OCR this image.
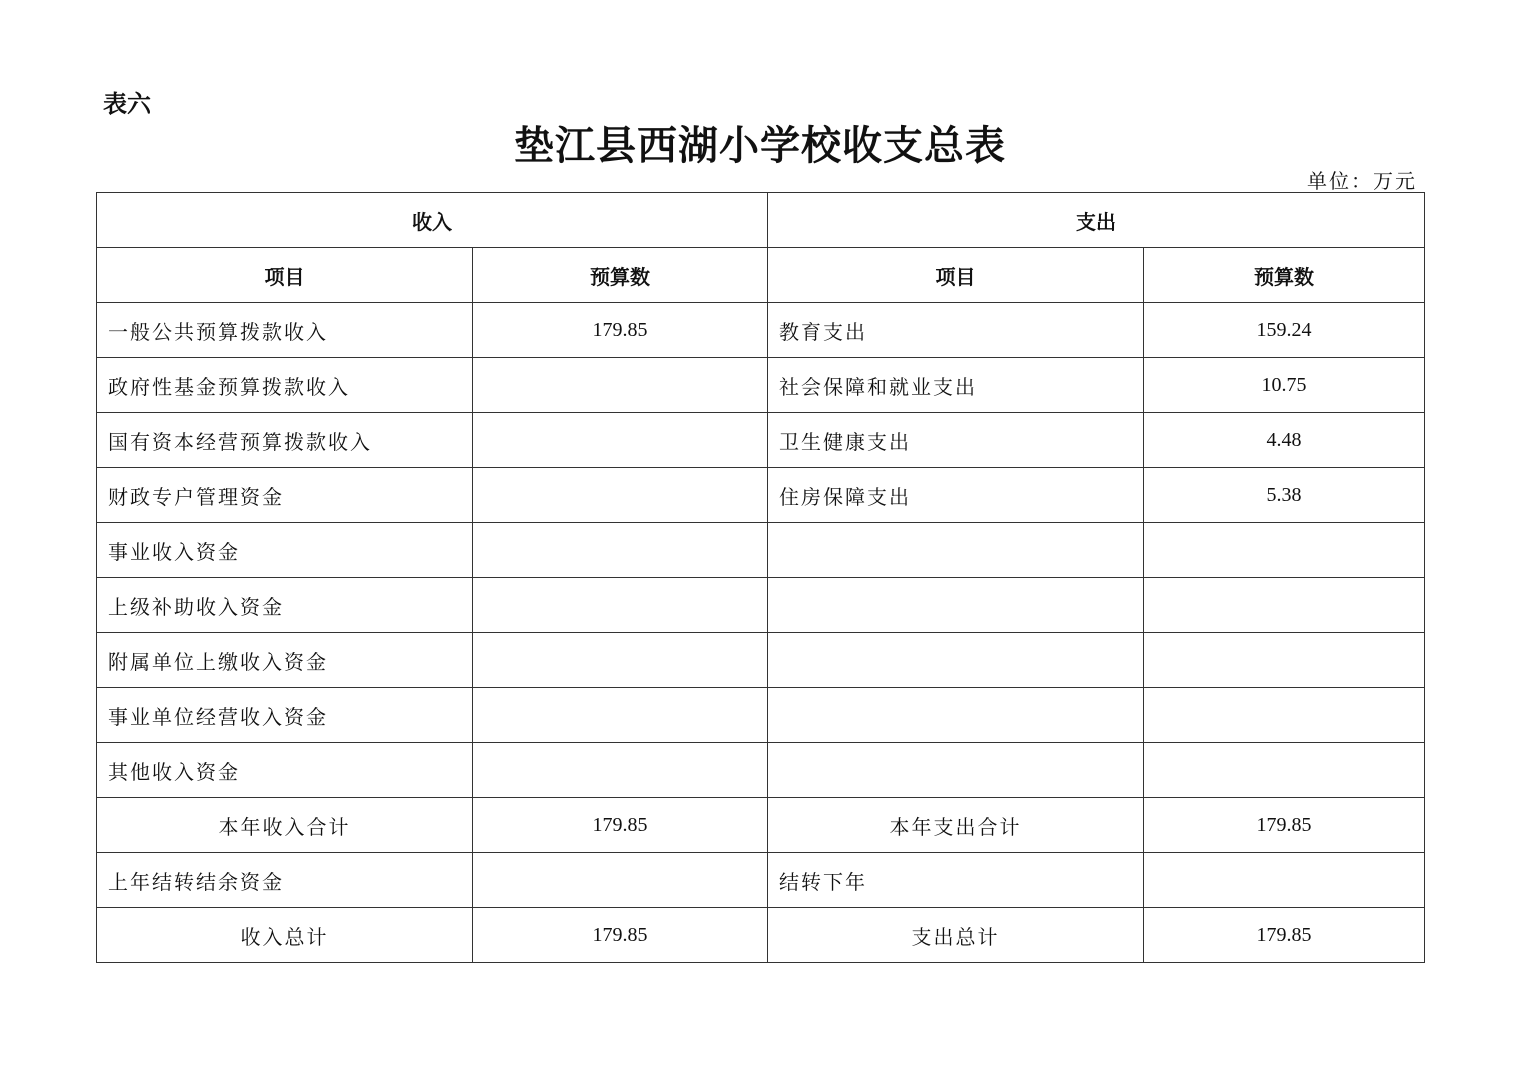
表六
垫江县西湖小学校收支总表
单位：万元
收入		支出	
项目	预算数	项目	预算数
一般公共预算拨款收入	179.85	教育支出	159.24
政府性基金预算拨款收入		社会保障和就业支出	10.75
国有资本经营预算拨款收入		卫生健康支出	4.48
财政专户管理资金		住房保障支出	5.38
事业收入资金			
上级补助收入资金			
附属单位上缴收入资金			
事业单位经营收入资金			
其他收入资金			
本年收入合计	179.85	本年支出合计	179.85
上年结转结余资金		结转下年	
收入总计	179.85	支出总计	179.85
